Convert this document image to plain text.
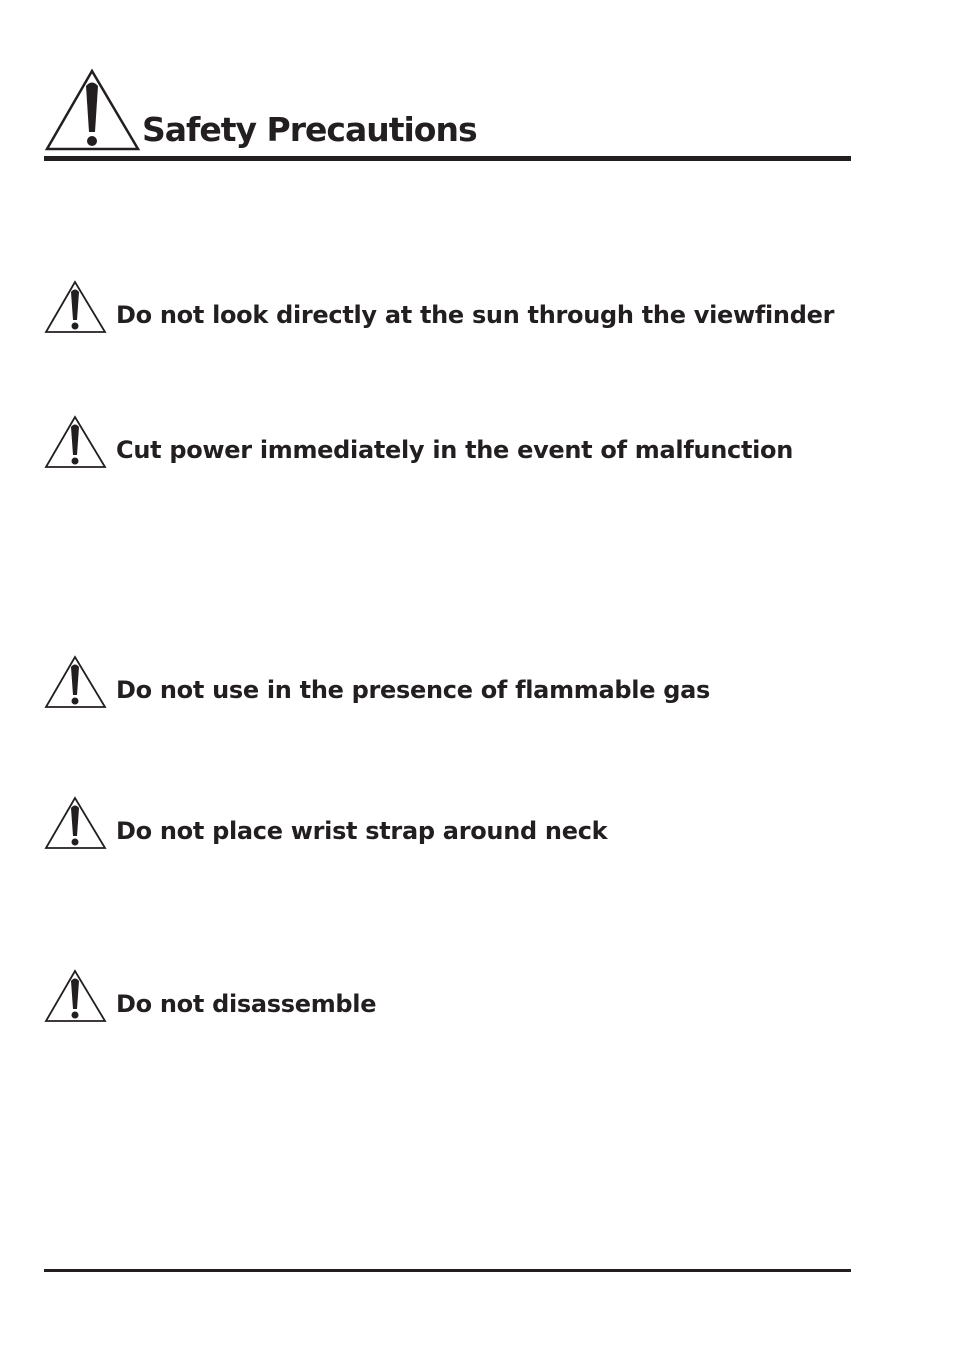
Safety Precautions
Do not look directly at the sun through the viewfinder
Cut power immediately in the event of malfunction
Do not use in the presence of flammable gas
Do not place wrist strap around neck
Do not disassemble
